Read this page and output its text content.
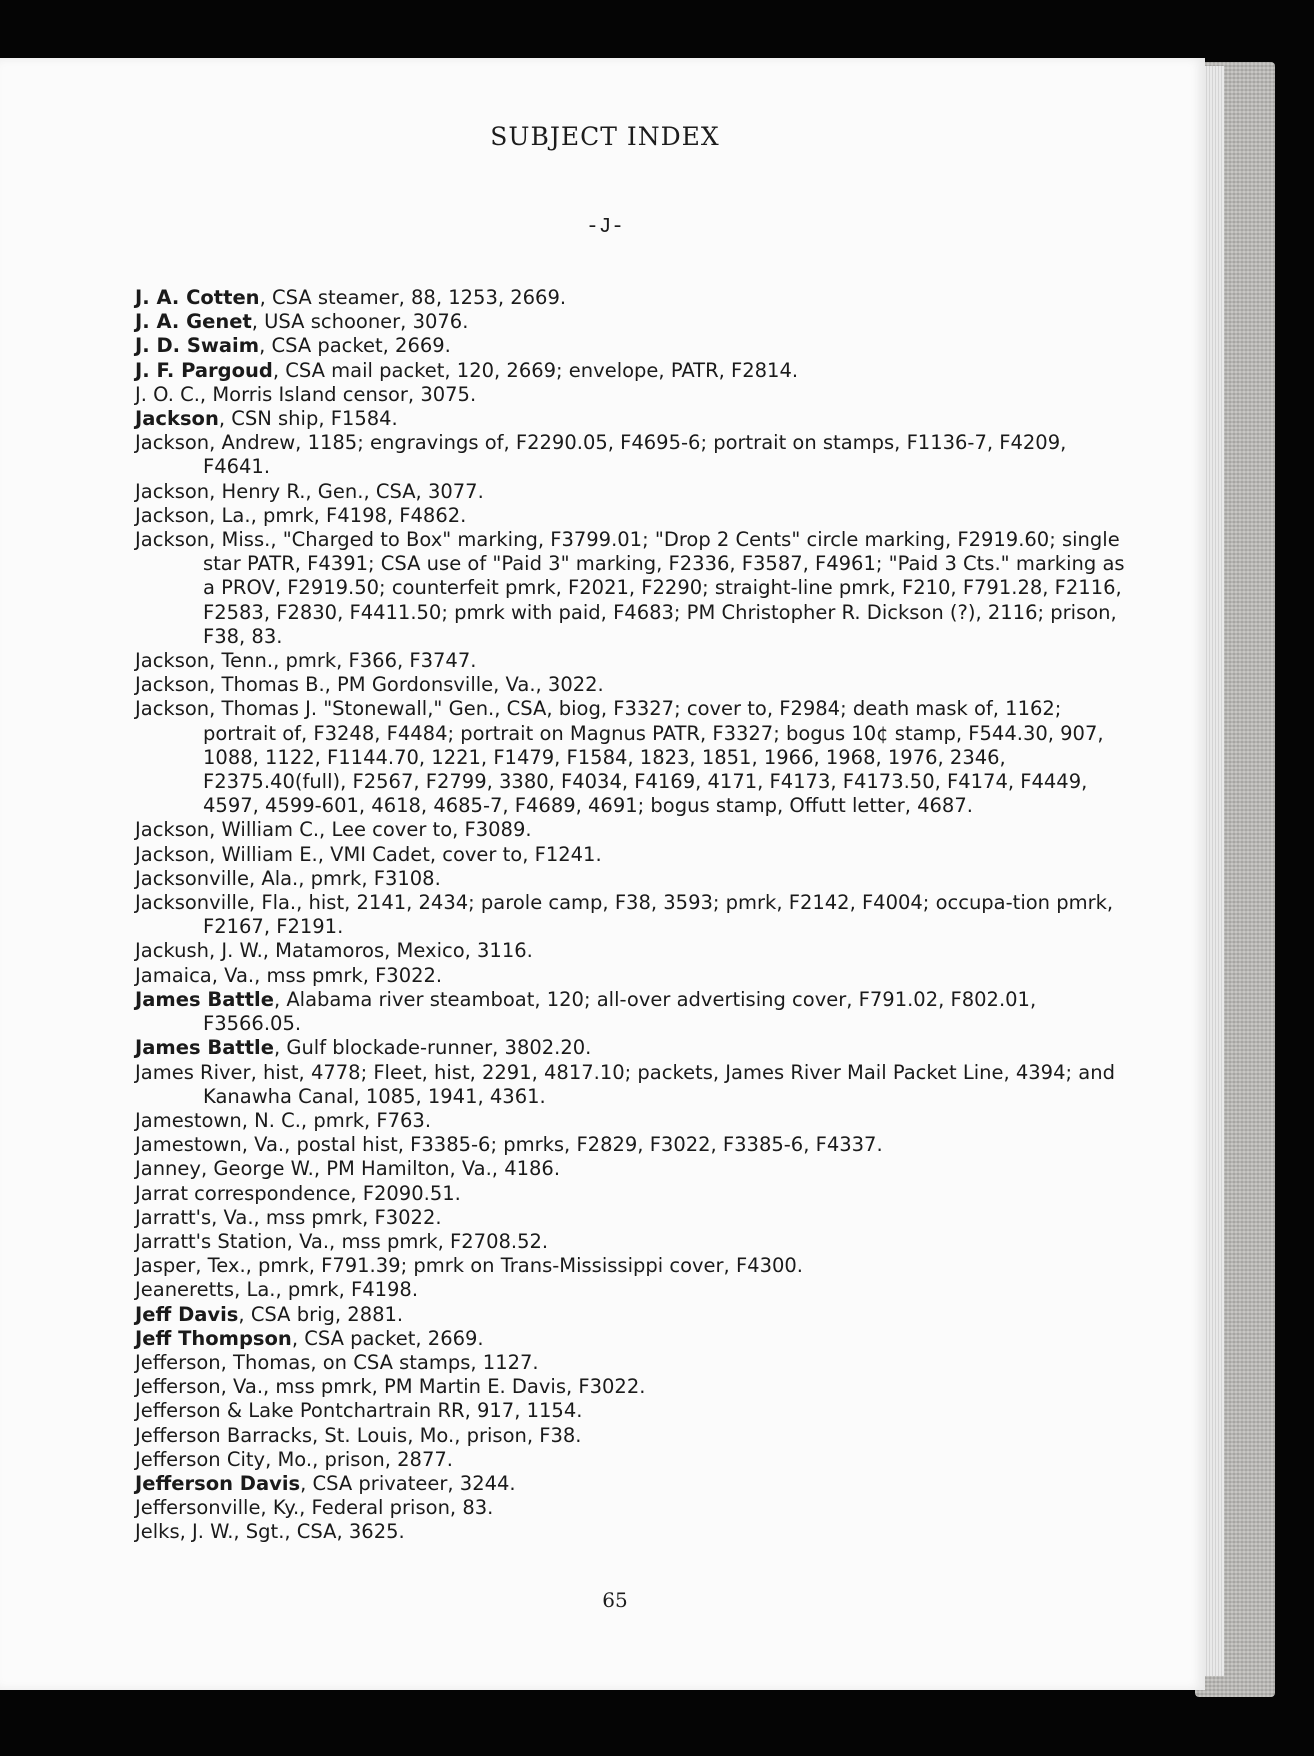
SUBJECT INDEX
-J-
J. A. Cotten, CSA steamer, 88, 1253, 2669.
J. A. Genet, USA schooner, 3076.
J. D. Swaim, CSA packet, 2669.
J. F. Pargoud, CSA mail packet, 120, 2669; envelope, PATR, F2814.
J. O. C., Morris Island censor, 3075.
Jackson, CSN ship, F1584.
Jackson, Andrew, 1185; engravings of, F2290.05, F4695-6; portrait on stamps, F1136-7, F4209, F4641.
Jackson, Henry R., Gen., CSA, 3077.
Jackson, La., pmrk, F4198, F4862.
Jackson, Miss., "Charged to Box" marking, F3799.01; "Drop 2 Cents" circle marking, F2919.60; single star PATR, F4391; CSA use of "Paid 3" marking, F2336, F3587, F4961; "Paid 3 Cts." marking as a PROV, F2919.50; counterfeit pmrk, F2021, F2290; straight-line pmrk, F210, F791.28, F2116, F2583, F2830, F4411.50; pmrk with paid, F4683; PM Christopher R. Dickson (?), 2116; prison, F38, 83.
Jackson, Tenn., pmrk, F366, F3747.
Jackson, Thomas B., PM Gordonsville, Va., 3022.
Jackson, Thomas J. "Stonewall," Gen., CSA, biog, F3327; cover to, F2984; death mask of, 1162; portrait of, F3248, F4484; portrait on Magnus PATR, F3327; bogus 10¢ stamp, F544.30, 907, 1088, 1122, F1144.70, 1221, F1479, F1584, 1823, 1851, 1966, 1968, 1976, 2346, F2375.40(full), F2567, F2799, 3380, F4034, F4169, 4171, F4173, F4173.50, F4174, F4449, 4597, 4599-601, 4618, 4685-7, F4689, 4691; bogus stamp, Offutt letter, 4687.
Jackson, William C., Lee cover to, F3089.
Jackson, William E., VMI Cadet, cover to, F1241.
Jacksonville, Ala., pmrk, F3108.
Jacksonville, Fla., hist, 2141, 2434; parole camp, F38, 3593; pmrk, F2142, F4004; occupa-tion pmrk, F2167, F2191.
Jackush, J. W., Matamoros, Mexico, 3116.
Jamaica, Va., mss pmrk, F3022.
James Battle, Alabama river steamboat, 120; all-over advertising cover, F791.02, F802.01, F3566.05.
James Battle, Gulf blockade-runner, 3802.20.
James River, hist, 4778; Fleet, hist, 2291, 4817.10; packets, James River Mail Packet Line, 4394; and Kanawha Canal, 1085, 1941, 4361.
Jamestown, N. C., pmrk, F763.
Jamestown, Va., postal hist, F3385-6; pmrks, F2829, F3022, F3385-6, F4337.
Janney, George W., PM Hamilton, Va., 4186.
Jarrat correspondence, F2090.51.
Jarratt's, Va., mss pmrk, F3022.
Jarratt's Station, Va., mss pmrk, F2708.52.
Jasper, Tex., pmrk, F791.39; pmrk on Trans-Mississippi cover, F4300.
Jeaneretts, La., pmrk, F4198.
Jeff Davis, CSA brig, 2881.
Jeff Thompson, CSA packet, 2669.
Jefferson, Thomas, on CSA stamps, 1127.
Jefferson, Va., mss pmrk, PM Martin E. Davis, F3022.
Jefferson & Lake Pontchartrain RR, 917, 1154.
Jefferson Barracks, St. Louis, Mo., prison, F38.
Jefferson City, Mo., prison, 2877.
Jefferson Davis, CSA privateer, 3244.
Jeffersonville, Ky., Federal prison, 83.
Jelks, J. W., Sgt., CSA, 3625.
65
